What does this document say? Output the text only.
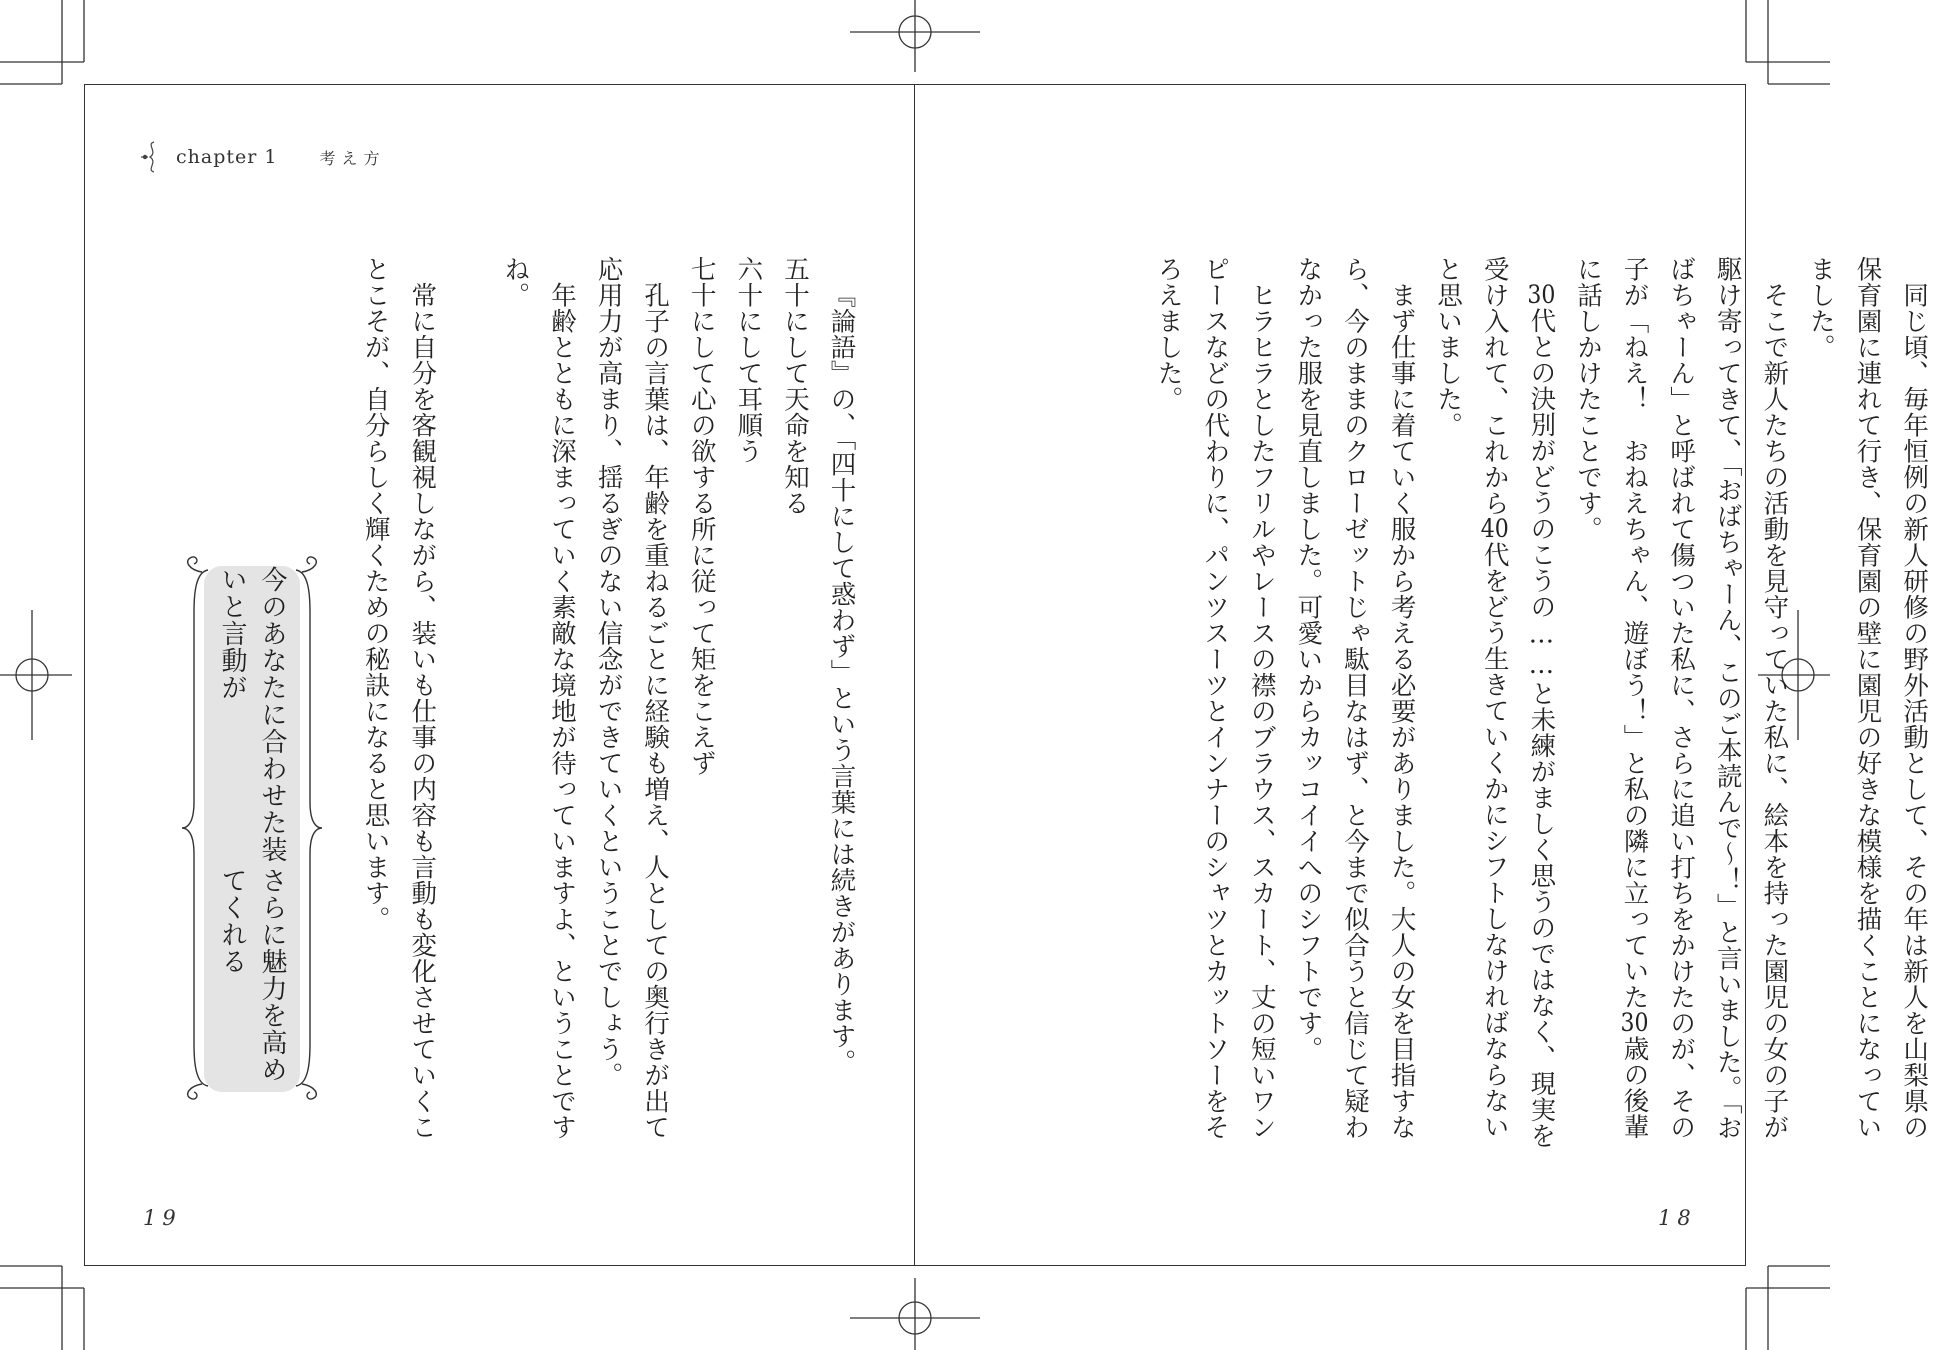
chapter 1	考え方

同じ頃、毎年恒例の新人研修の野外活動として、その年は新人を山梨県の保育園に連れて行き、保育園の壁に園児の好きな模様を描くことになっていました。

そこで新人たちの活動を見守っていた私に、絵本を持った園児の女の子が駆け寄ってきて、「おばちゃーん、このご本読んで～！」と言いました。「おばちゃーん」と呼ばれて傷ついた私に、さらに追い打ちをかけたのが、その子が「ねえ！　おねえちゃん、遊ぼう！」と私の隣に立っていた30歳の後輩に話しかけたことです。

30代との決別がどうのこうの……と未練がましく思うのではなく、現実を受け入れて、これから40代をどう生きていくかにシフトしなければならないと思いました。

まず仕事に着ていく服から考える必要がありました。大人の女を目指すなら、今のままのクローゼットじゃ駄目なはず、と今まで似合うと信じて疑わなかった服を見直しました。可愛いからカッコイイへのシフトです。

ヒラヒラとしたフリルやレースの襟のブラウス、スカート、丈の短いワンピースなどの代わりに、パンツスーツとインナーのシャツとカットソーをそろえました。

『論語』の、「四十にして惑わず」という言葉には続きがあります。

五十にして天命を知る

六十にして耳順う

七十にして心の欲する所に従って矩をこえず

孔子の言葉は、年齢を重ねるごとに経験も増え、人としての奥行きが出て応用力が高まり、揺るぎのない信念ができていくということでしょう。

年齢とともに深まっていく素敵な境地が待っていますよ、ということですね。

常に自分を客観視しながら、装いも仕事の内容も言動も変化させていくことこそが、自分らしく輝くための秘訣になると思います。

今のあなたに合わせた装いと言動が
さらに魅力を高めてくれる
19	18
